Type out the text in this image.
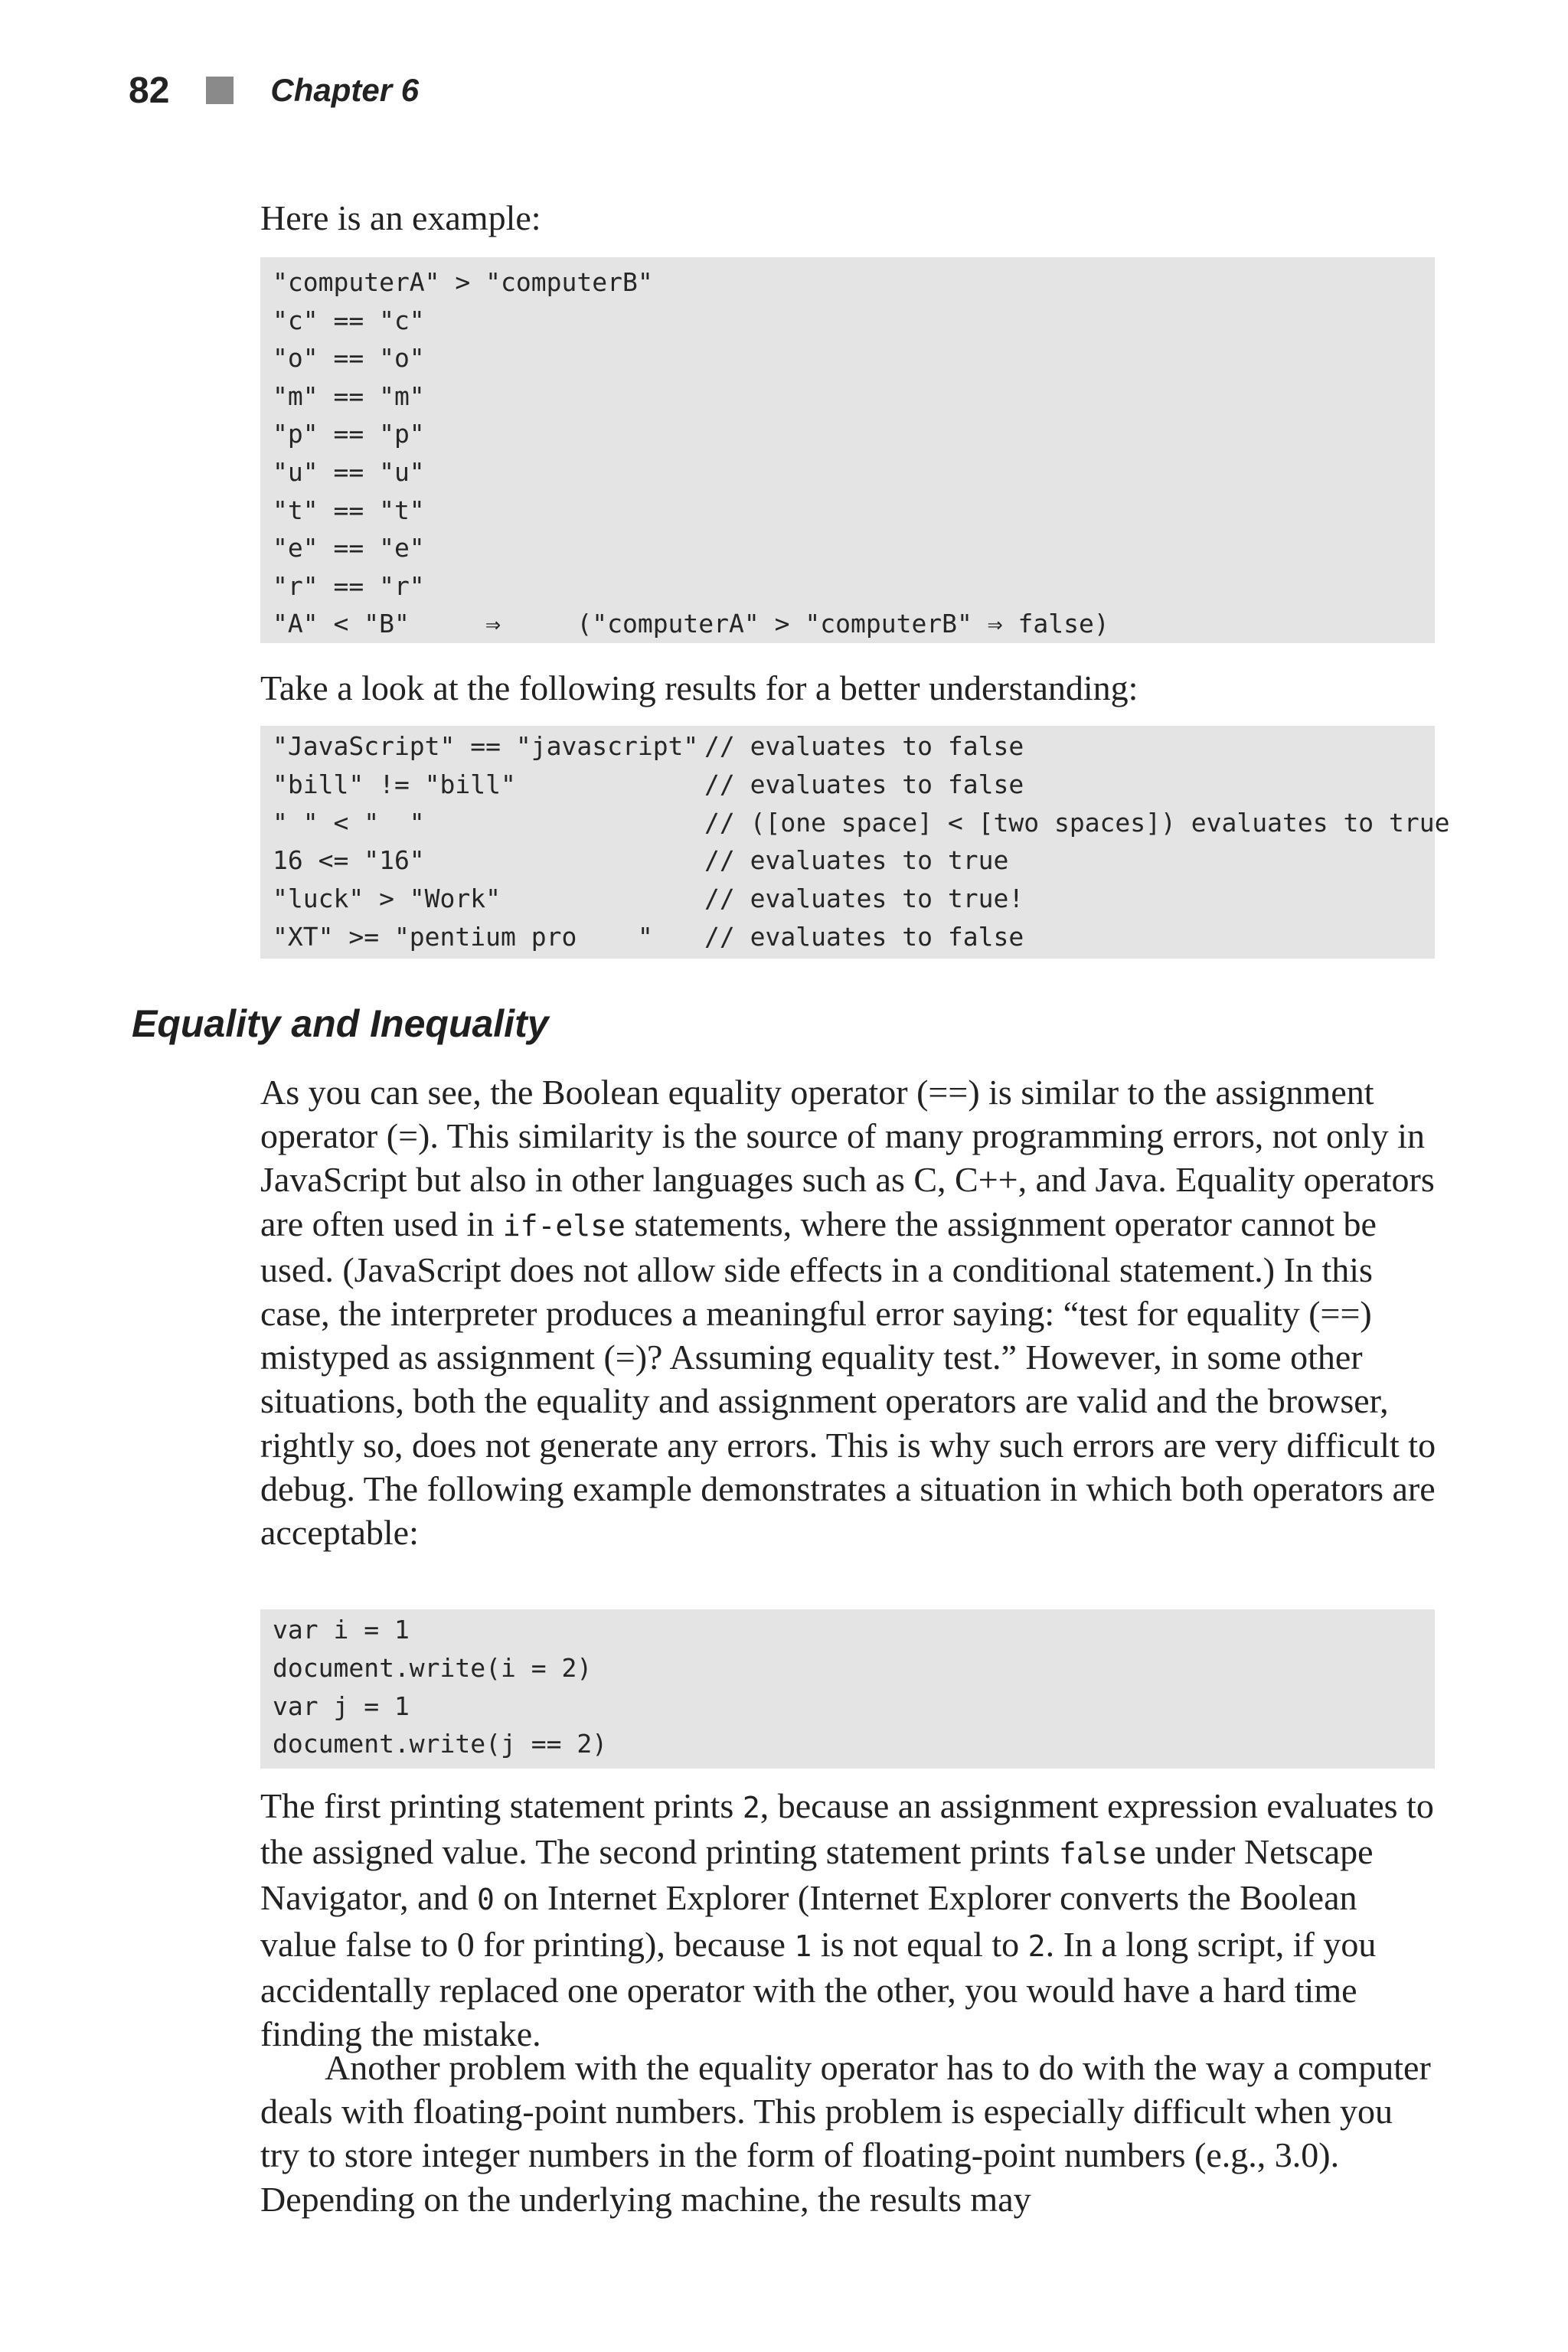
82	Chapter 6

Here is an example:

"computerA" > "computerB"
"c" == "c"
"o" == "o"
"m" == "m"
"p" == "p"
"u" == "u"
"t" == "t"
"e" == "e"
"r" == "r"
"A" < "B"     ⇒     ("computerA" > "computerB" ⇒ false)

Take a look at the following results for a better understanding:

"JavaScript" == "javascript" // evaluates to false
"bill" != "bill"	// evaluates to false
" " < "  "	// ([one space] < [two spaces]) evaluates to true
16 <= "16"	// evaluates to true
"luck" > "Work"	// evaluates to true!
"XT" >= "pentium pro    " // evaluates to false
Equality and Inequality

As you can see, the Boolean equality operator (==) is similar to the assignment operator (=). This similarity is the source of many programming errors, not only in JavaScript but also in other languages such as C, C++, and Java. Equality operators are often used in if-else statements, where the assignment operator cannot be used. (JavaScript does not allow side effects in a conditional statement.) In this case, the interpreter produces a meaningful error saying: “test for equality (==) mistyped as assignment (=)? Assuming equality test.” However, in some other situations, both the equality and assignment operators are valid and the browser, rightly so, does not generate any errors. This is why such errors are very difficult to debug. The following example demonstrates a situation in which both operators are acceptable:

var i = 1
document.write(i = 2)
var j = 1
document.write(j == 2)

The first printing statement prints 2, because an assignment expression evaluates to the assigned value. The second printing statement prints false under Netscape Navigator, and 0 on Internet Explorer (Internet Explorer converts the Boolean value false to 0 for printing), because 1 is not equal to 2. In a long script, if you accidentally replaced one operator with the other, you would have a hard time finding the mistake.

Another problem with the equality operator has to do with the way a computer deals with floating-point numbers. This problem is especially difficult when you try to store integer numbers in the form of floating-point numbers (e.g., 3.0). Depending on the underlying machine, the results may
